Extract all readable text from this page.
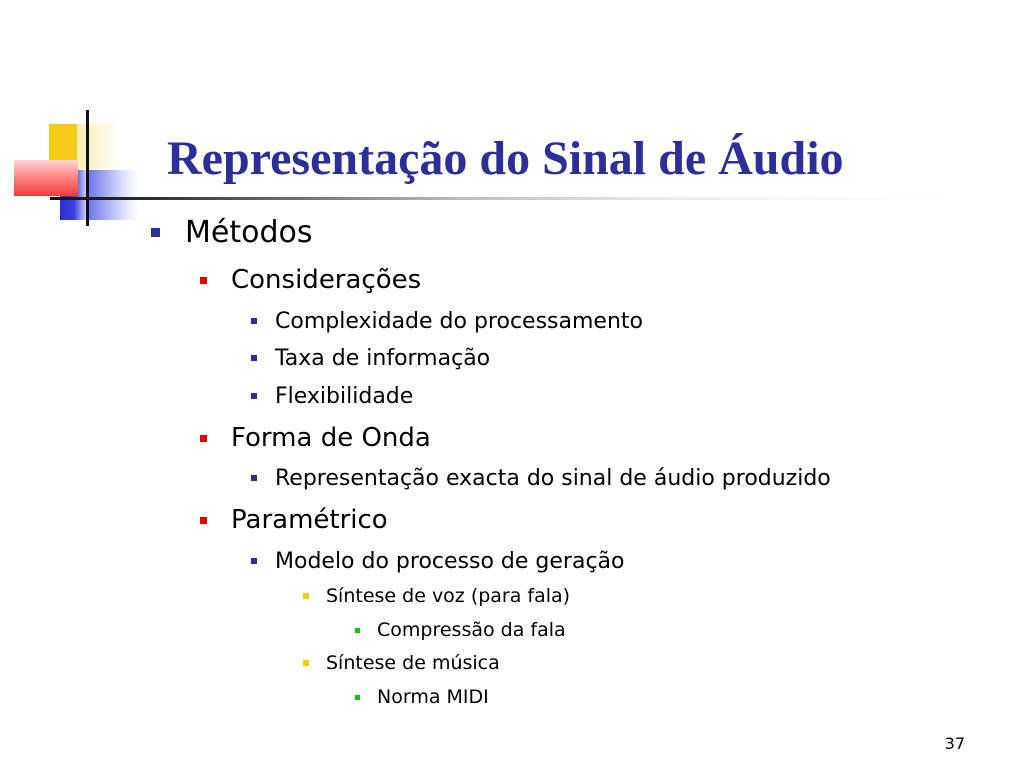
Representação do Sinal de Áudio
Métodos
Considerações
Complexidade do processamento
Taxa de informação
Flexibilidade
Forma de Onda
Representação exacta do sinal de áudio produzido
Paramétrico
Modelo do processo de geração
Síntese de voz (para fala)
Compressão da fala
Síntese de música
Norma MIDI
37
